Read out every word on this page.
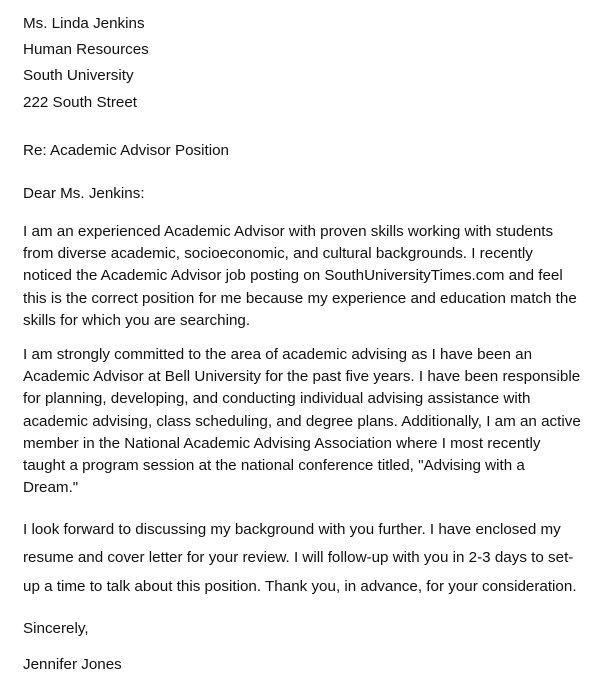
Ms. Linda Jenkins
Human Resources
South University
222 South Street
Re: Academic Advisor Position
Dear Ms. Jenkins:
I am an experienced Academic Advisor with proven skills working with students
from diverse academic, socioeconomic, and cultural backgrounds. I recently
noticed the Academic Advisor job posting on SouthUniversityTimes.com and feel
this is the correct position for me because my experience and education match the
skills for which you are searching.
I am strongly committed to the area of academic advising as I have been an
Academic Advisor at Bell University for the past five years. I have been responsible
for planning, developing, and conducting individual advising assistance with
academic advising, class scheduling, and degree plans. Additionally, I am an active
member in the National Academic Advising Association where I most recently
taught a program session at the national conference titled, "Advising with a
Dream."
I look forward to discussing my background with you further. I have enclosed my
resume and cover letter for your review. I will follow-up with you in 2-3 days to set-
up a time to talk about this position. Thank you, in advance, for your consideration.
Sincerely,
Jennifer Jones
